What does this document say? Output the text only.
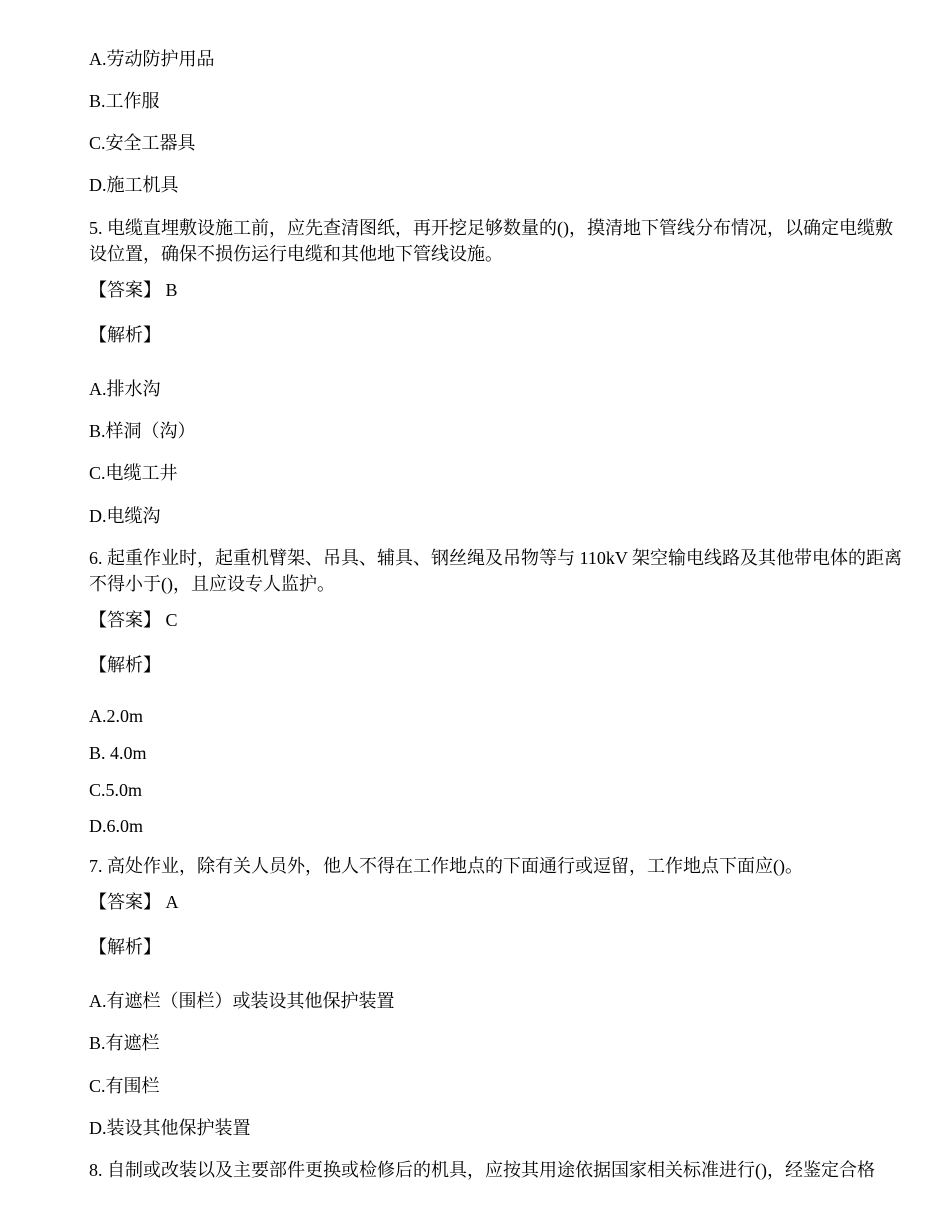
A.劳动防护用品
B.工作服
C.安全工器具
D.施工机具
5. 电缆直埋敷设施工前，应先查清图纸，再开挖足够数量的()，摸清地下管线分布情况，以确定电缆敷设位置，确保不损伤运行电缆和其他地下管线设施。
【答案】 B
【解析】
A.排水沟
B.样洞（沟）
C.电缆工井
D.电缆沟
6. 起重作业时，起重机臂架、吊具、辅具、钢丝绳及吊物等与 110kV 架空输电线路及其他带电体的距离不得小于()，且应设专人监护。
【答案】 C
【解析】
A.2.0m
B. 4.0m
C.5.0m
D.6.0m
7. 高处作业，除有关人员外，他人不得在工作地点的下面通行或逗留，工作地点下面应()。
【答案】 A
【解析】
A.有遮栏（围栏）或装设其他保护装置
B.有遮栏
C.有围栏
D.装设其他保护装置
8. 自制或改装以及主要部件更换或检修后的机具，应按其用途依据国家相关标准进行()，经鉴定合格
